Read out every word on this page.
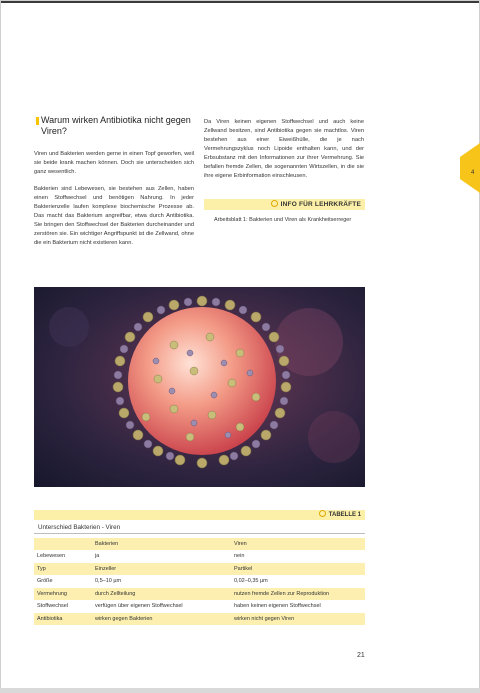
Warum wirken Antibiotika nicht gegen Viren?

Viren und Bakterien werden gerne in einen Topf geworfen, weil sie beide krank machen können. Doch sie unterscheiden sich ganz wesentlich.

Bakterien sind Lebewesen, sie bestehen aus Zellen, haben einen Stoffwechsel und benötigen Nahrung. In jeder Bakterienzelle laufen komplexe biochemische Prozesse ab. Das macht das Bakterium angreifbar, etwa durch Antibiotika. Sie bringen den Stoffwechsel der Bakterien durcheinander und zerstören sie. Ein wichtiger Angriffspunkt ist die Zellwand, ohne die ein Bakterium nicht existieren kann.

Da Viren keinen eigenen Stoffwechsel und auch keine Zellwand besitzen, sind Antibiotika gegen sie machtlos. Viren bestehen aus einer Eiweißhülle, die je nach Vermehrungszyklus noch Lipoide enthalten kann, und der Erbsubstanz mit den Informationen zur ihrer Vermehrung. Sie befallen fremde Zellen, die sogenannten Wirtszellen, in die sie ihre eigene Erbinformation einschleusen.

INFO FÜR LEHRKRÄFTE
Arbeitsblatt 1: Bakterien und Viren als Krankheitserreger
4
TABELLE 1
Unterschied Bakterien - Viren
	Bakterien	Viren
Lebewesen	ja	nein
Typ	Einzeller	Partikel
Größe	0,5–10 µm	0,02–0,35 µm
Vermehrung	durch Zellteilung	nutzen fremde Zellen zur Reproduktion
Stoffwechsel	verfügen über eigenen Stoffwechsel	haben keinen eigenen Stoffwechsel
Antibiotika	wirken gegen Bakterien	wirken nicht gegen Viren
21
